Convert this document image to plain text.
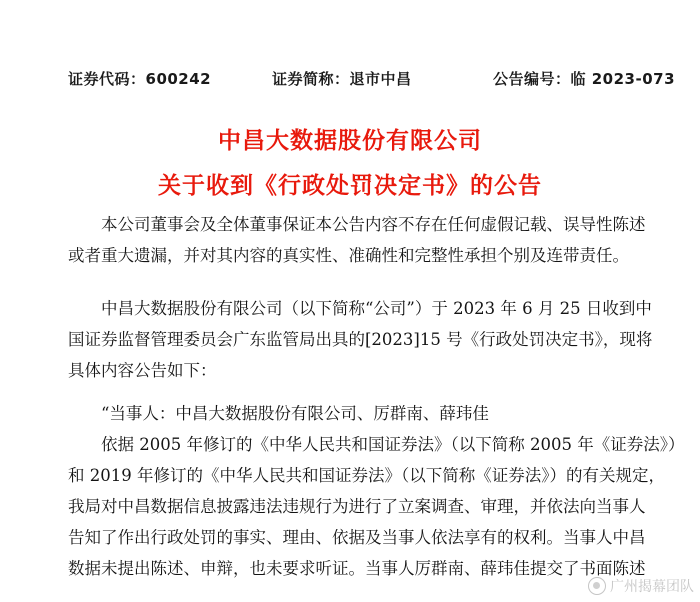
证券代码：600242	证券简称：退市中昌	公告编号：临 2023-073
中昌大数据股份有限公司
关于收到《行政处罚决定书》的公告
　　本公司董事会及全体董事保证本公告内容不存在任何虚假记载、误导性陈述
或者重大遗漏，并对其内容的真实性、准确性和完整性承担个别及连带责任。
　　中昌大数据股份有限公司（以下简称“公司”）于 2023 年 6 月 25 日收到中
国证券监督管理委员会广东监管局出具的[2023]15 号《行政处罚决定书》，现将
具体内容公告如下：
　　“当事人：中昌大数据股份有限公司、厉群南、薛玮佳
　　依据 2005 年修订的《中华人民共和国证券法》（以下简称 2005 年《证券法》）
和 2019 年修订的《中华人民共和国证券法》（以下简称《证券法》）的有关规定，
我局对中昌数据信息披露违法违规行为进行了立案调查、审理，并依法向当事人
告知了作出行政处罚的事实、理由、依据及当事人依法享有的权利。当事人中昌
数据未提出陈述、申辩，也未要求听证。当事人厉群南、薛玮佳提交了书面陈述
广州揭幕团队
